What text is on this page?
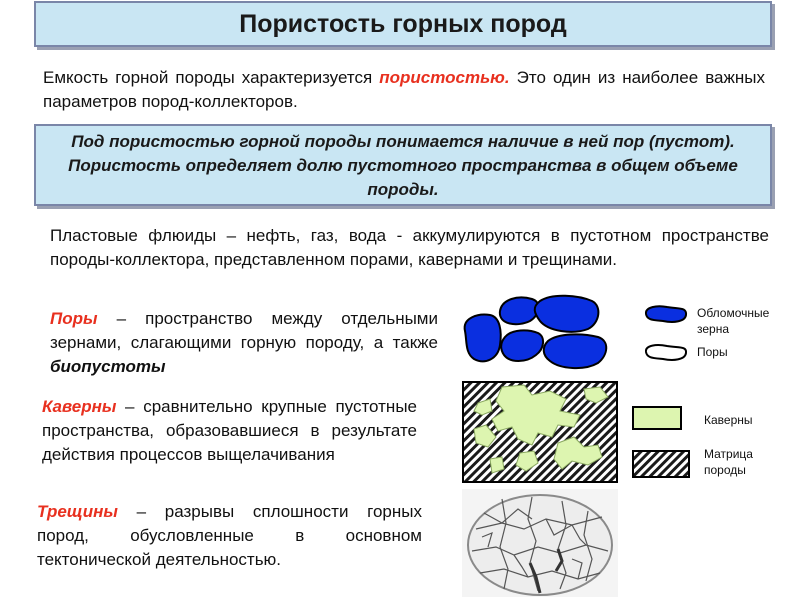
Пористость горных пород
Емкость горной породы характеризуется пористостью. Это один из наиболее важных параметров пород-коллекторов.
Под пористостью горной породы понимается наличие в ней пор (пустот). Пористость определяет долю пустотного пространства в общем объеме породы.
Пластовые флюиды – нефть, газ, вода - аккумулируются в пустотном пространстве породы-коллектора, представленном порами, кавернами и трещинами.
Поры – пространство между отдельными зернами, слагающими горную породу, а также биопустоты
Каверны – сравнительно крупные пустотные пространства, образовавшиеся в результате действия процессов выщелачивания
Трещины – разрывы сплошности горных пород, обусловленные в основном тектонической деятельностью.
Обломочные зерна
Поры
Каверны
Матрица породы
